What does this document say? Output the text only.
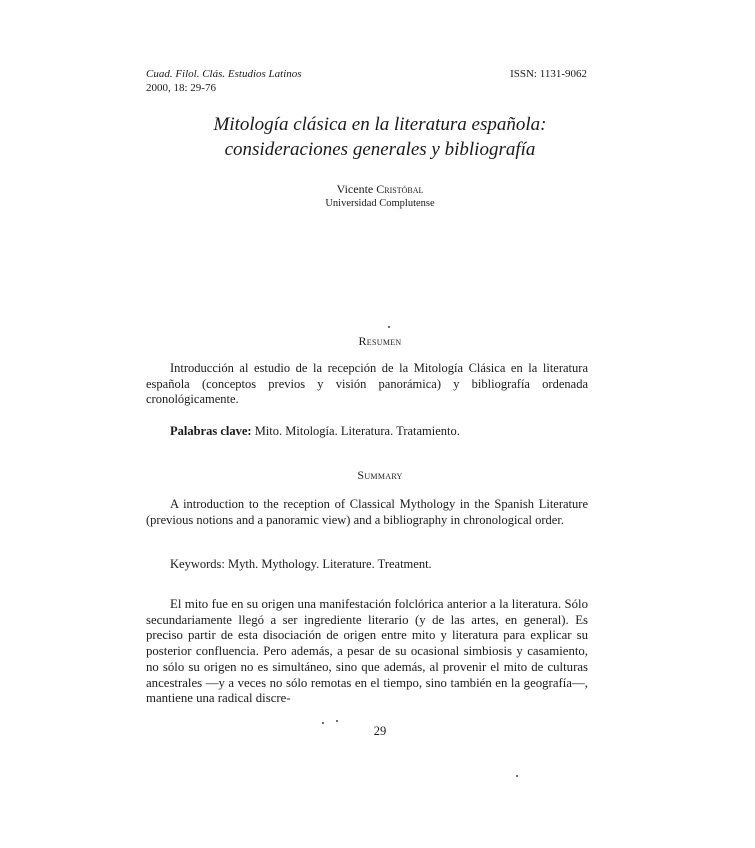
Cuad. Filol. Clás. Estudios Latinos
2000, 18: 29-76
ISSN: 1131-9062
Mitología clásica en la literatura española:
consideraciones generales y bibliografía
Vicente Cristóbal
Universidad Complutense
Resumen

Introducción al estudio de la recepción de la Mitología Clásica en la literatura española (conceptos previos y visión panorámica) y bibliografía ordenada cronológicamente.

Palabras clave: Mito. Mitología. Literatura. Tratamiento.

Summary

A introduction to the reception of Classical Mythology in the Spanish Literature (previous notions and a panoramic view) and a bibliography in chronological order.

Keywords: Myth. Mythology. Literature. Treatment.

El mito fue en su origen una manifestación folclórica anterior a la literatura. Sólo secundariamente llegó a ser ingrediente literario (y de las artes, en general). Es preciso partir de esta disociación de origen entre mito y literatura para explicar su posterior confluencia. Pero además, a pesar de su ocasional simbiosis y casamiento, no sólo su origen no es simultáneo, sino que además, al provenir el mito de culturas ancestrales —y a veces no sólo remotas en el tiempo, sino también en la geografía—, mantiene una radical discre-

29
